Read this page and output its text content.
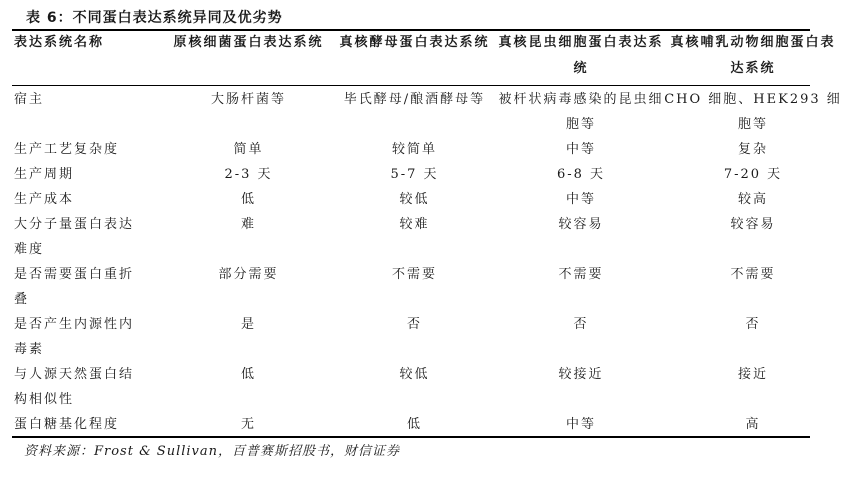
表 6：不同蛋白表达系统异同及优劣势
表达系统名称	原核细菌蛋白表达系统	真核酵母蛋白表达系统	真核昆虫细胞蛋白表达系统	真核哺乳动物细胞蛋白表达系统
宿主	大肠杆菌等	毕氏酵母/酿酒酵母等	被杆状病毒感染的昆虫细胞等	CHO 细胞、HEK293 细胞等
生产工艺复杂度	简单	较简单	中等	复杂
生产周期	2-3 天	5-7 天	6-8 天	7-20 天
生产成本	低	较低	中等	较高
大分子量蛋白表达难度	难	较难	较容易	较容易
是否需要蛋白重折叠	部分需要	不需要	不需要	不需要
是否产生内源性内毒素	是	否	否	否
与人源天然蛋白结构相似性	低	较低	较接近	接近
蛋白糖基化程度	无	低	中等	高
资料来源：Frost & Sullivan，百普赛斯招股书，财信证券
